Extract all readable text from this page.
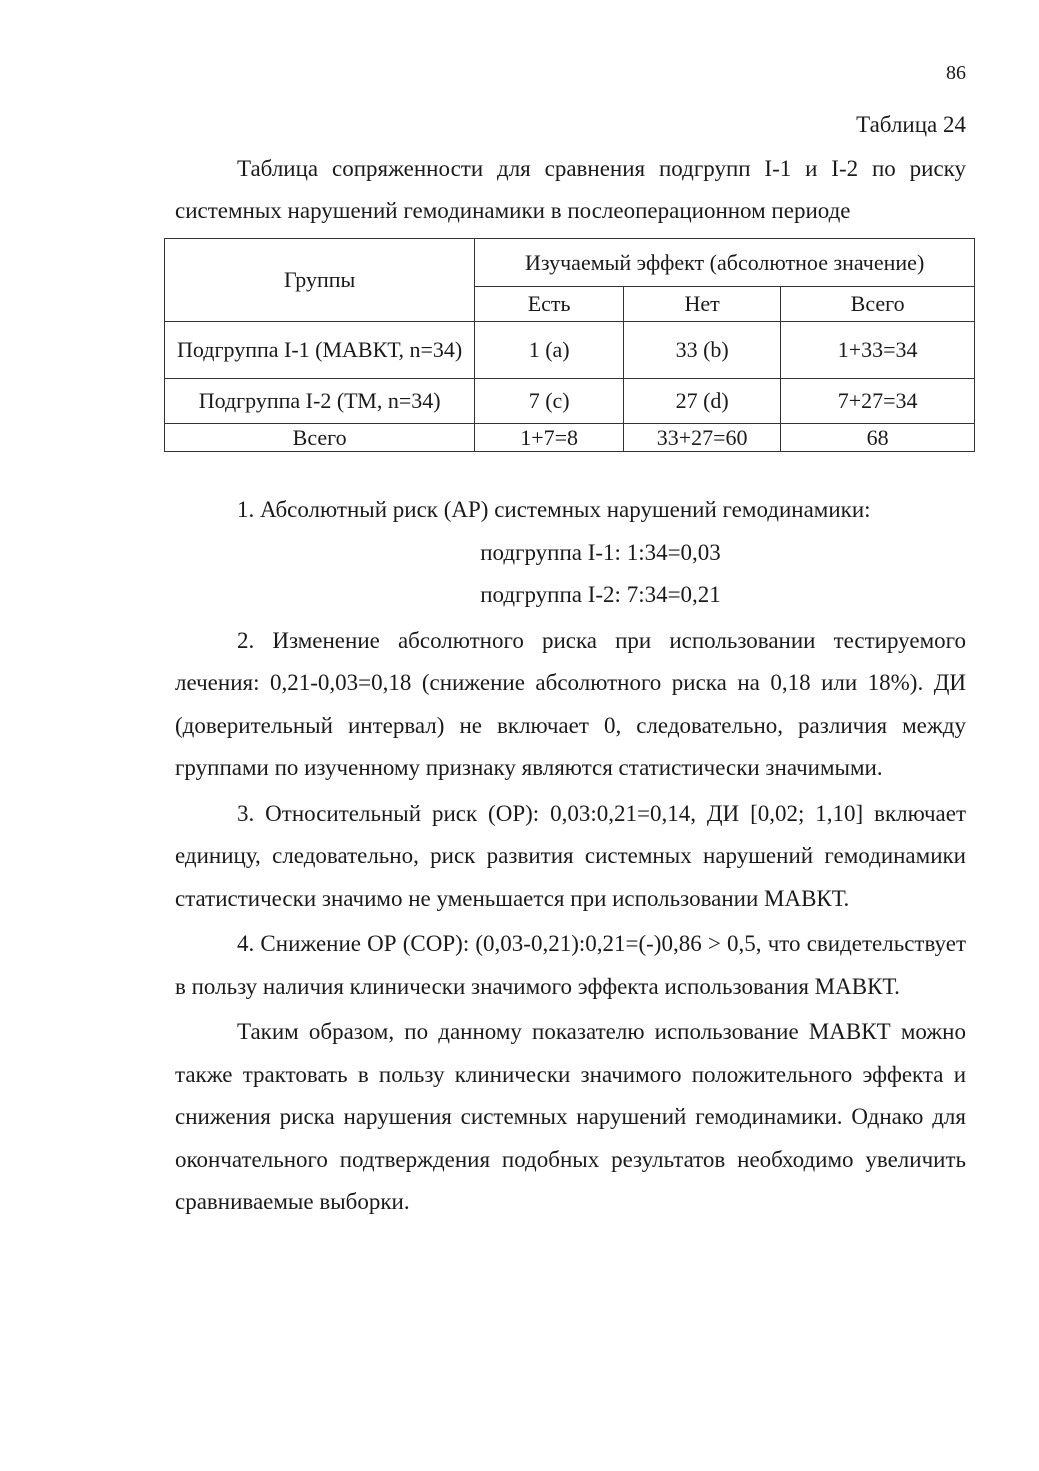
86
Таблица 24
Таблица сопряженности для сравнения подгрупп I-1 и I-2 по риску системных нарушений гемодинамики в послеоперационном периоде
Группы	Изучаемый эффект (абсолютное значение)		
	Есть	Нет	Всего
Подгруппа I-1 (МАВКТ, n=34)	1 (a)	33 (b)	1+33=34
Подгруппа I-2 (ТМ, n=34)	7 (c)	27 (d)	7+27=34
Всего	1+7=8	33+27=60	68

1. Абсолютный риск (АР) системных нарушений гемодинамики:

подгруппа I-1: 1:34=0,03

подгруппа I-2: 7:34=0,21

2. Изменение абсолютного риска при использовании тестируемого лечения: 0,21-0,03=0,18 (снижение абсолютного риска на 0,18 или 18%). ДИ (доверительный интервал) не включает 0, следовательно, различия между группами по изученному признаку являются статистически значимыми.

3. Относительный риск (ОР): 0,03:0,21=0,14, ДИ [0,02; 1,10] включает единицу, следовательно, риск развития системных нарушений гемодинамики статистически значимо не уменьшается при использовании МАВКТ.

4. Снижение ОР (СОР): (0,03-0,21):0,21=(-)0,86 > 0,5, что свидетельствует в пользу наличия клинически значимого эффекта использования МАВКТ.

Таким образом, по данному показателю использование МАВКТ можно также трактовать в пользу клинически значимого положительного эффекта и снижения риска нарушения системных нарушений гемодинамики. Однако для окончательного подтверждения подобных результатов необходимо увеличить сравниваемые выборки.
